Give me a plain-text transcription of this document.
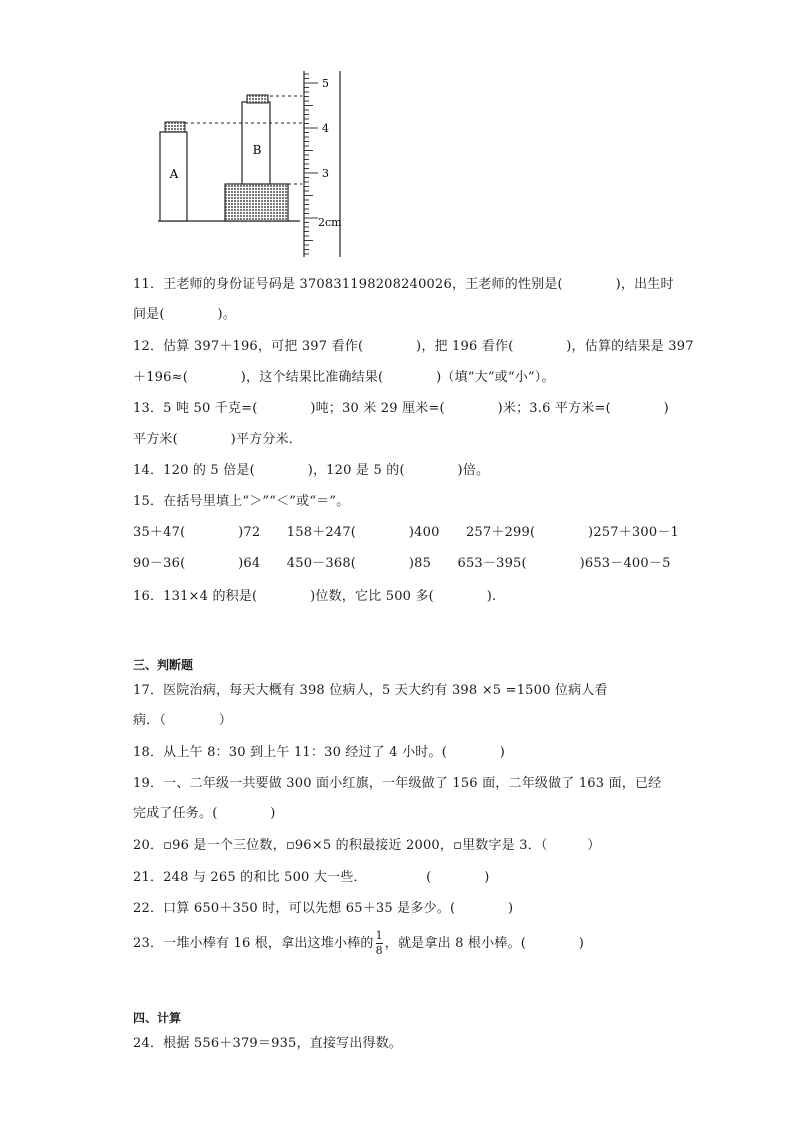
A
B
5
4
3
2cm
11．王老师的身份证号码是 370831198208240026，王老师的性别是(　　　　)，出生时
间是(　　　　)。
12．估算 397＋196，可把 397 看作(　　　　)，把 196 看作(　　　　)，估算的结果是 397
＋196≈(　　　　)，这个结果比准确结果(　　　　)（填“大”或“小”）。
13．5 吨 50 千克=(　　　　)吨；30 米 29 厘米=(　　　　)米；3.6 平方米=(　　　　)
平方米(　　　　)平方分米．
14．120 的 5 倍是(　　　　)，120 是 5 的(　　　　)倍。
15．在括号里填上“＞”“＜”或“＝”。
35＋47(　　　　)72　　158＋247(　　　　)400　　257＋299(　　　　)257＋300－1
90－36(　　　　)64　　450－368(　　　　)85　　653－395(　　　　)653－400－5
16．131×4 的积是(　　　　)位数，它比 500 多(　　　　).
三、判断题
17．医院治病，每天大概有 398 位病人，5 天大约有 398 ×5 =1500 位病人看
病．（　　　　）
18．从上午 8：30 到上午 11：30 经过了 4 小时。(　　　　)
19．一、二年级一共要做 300 面小红旗，一年级做了 156 面，二年级做了 163 面，已经
完成了任务。(　　　　)
20．▫96 是一个三位数，▫96×5 的积最接近 2000，▫里数字是 3．（　　　）
21．248 与 265 的和比 500 大一些．　　　　　(　　　　)
22．口算 650＋350 时，可以先想 65＋35 是多少。(　　　　)
23．一堆小棒有 16 根，拿出这堆小棒的 $\frac{1}{8}$ ，就是拿出 8 根小棒。(　　　　)
四、计算
24．根据 556＋379＝935，直接写出得数。
